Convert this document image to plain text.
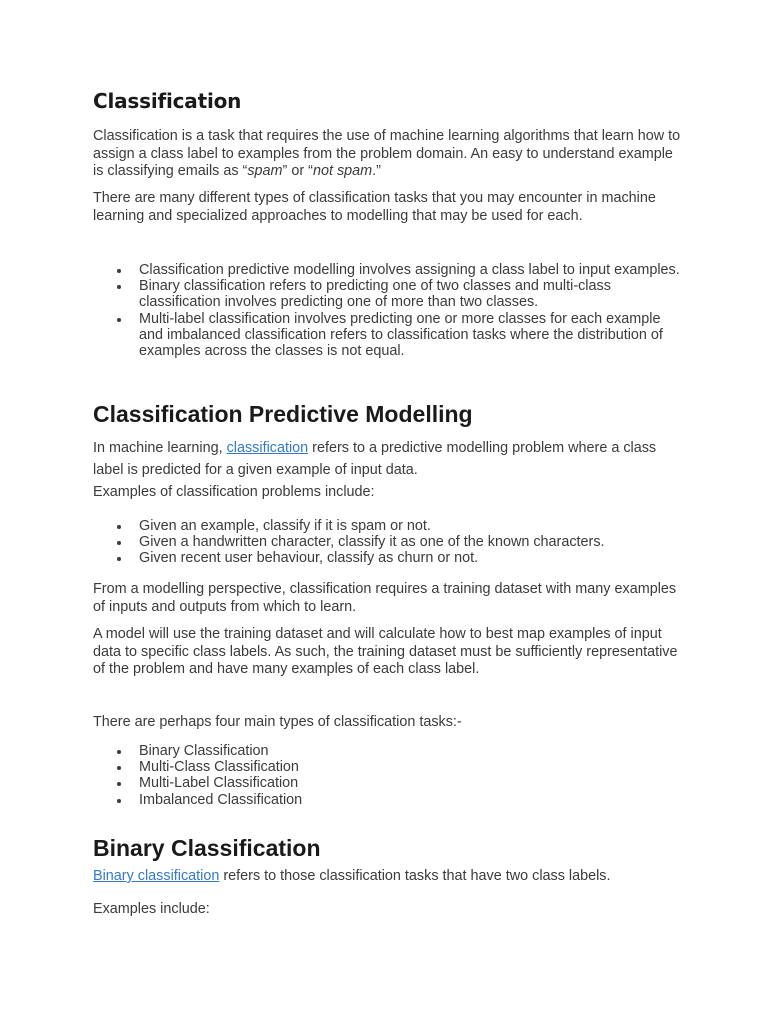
Classification

Classification is a task that requires the use of machine learning algorithms that learn how to assign a class label to examples from the problem domain. An easy to understand example is classifying emails as “spam” or “not spam.”

There are many different types of classification tasks that you may encounter in machine learning and specialized approaches to modelling that may be used for each.

Classification predictive modelling involves assigning a class label to input examples.
Binary classification refers to predicting one of two classes and multi-class classification involves predicting one of more than two classes.
Multi-label classification involves predicting one or more classes for each example and imbalanced classification refers to classification tasks where the distribution of examples across the classes is not equal.
Classification Predictive Modelling

In machine learning, classification refers to a predictive modelling problem where a class label is predicted for a given example of input data.

Examples of classification problems include:

Given an example, classify if it is spam or not.
Given a handwritten character, classify it as one of the known characters.
Given recent user behaviour, classify as churn or not.

From a modelling perspective, classification requires a training dataset with many examples of inputs and outputs from which to learn.

A model will use the training dataset and will calculate how to best map examples of input data to specific class labels. As such, the training dataset must be sufficiently representative of the problem and have many examples of each class label.

There are perhaps four main types of classification tasks:-

Binary Classification
Multi-Class Classification
Multi-Label Classification
Imbalanced Classification
Binary Classification

Binary classification refers to those classification tasks that have two class labels.

Examples include:
